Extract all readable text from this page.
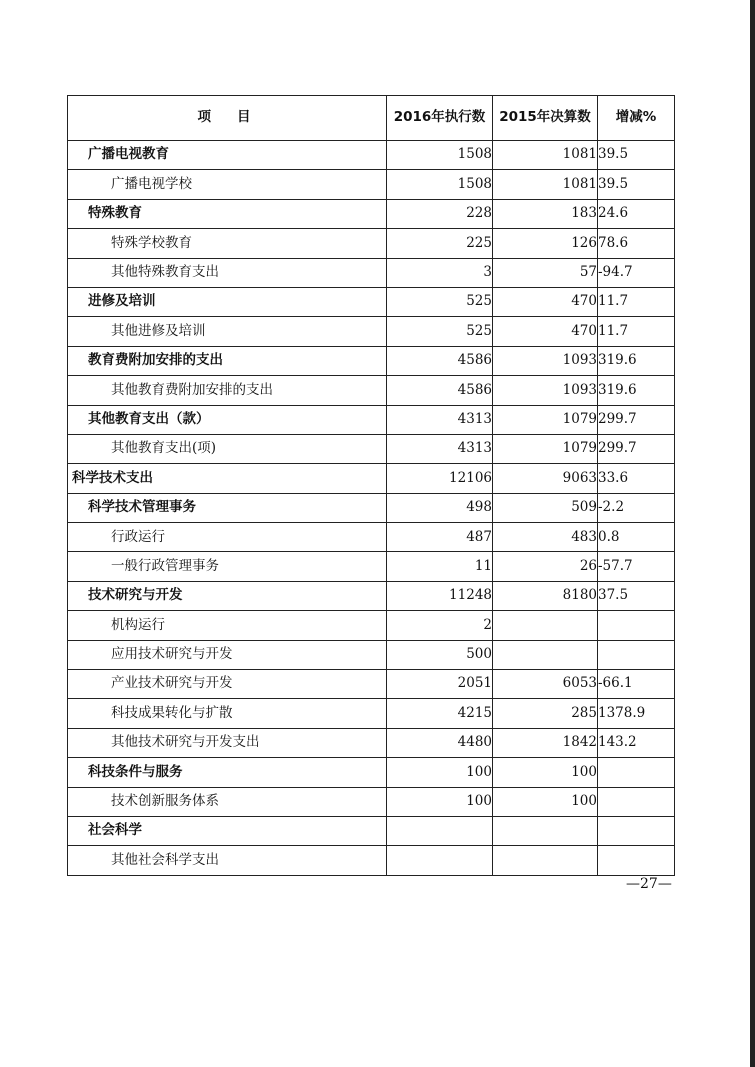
项目	2016年执行数	2015年决算数	增减%
广播电视教育	1508	1081	39.5
广播电视学校	1508	1081	39.5
特殊教育	228	183	24.6
特殊学校教育	225	126	78.6
其他特殊教育支出	3	57	-94.7
进修及培训	525	470	11.7
其他进修及培训	525	470	11.7
教育费附加安排的支出	4586	1093	319.6
其他教育费附加安排的支出	4586	1093	319.6
其他教育支出（款）	4313	1079	299.7
其他教育支出(项)	4313	1079	299.7
科学技术支出	12106	9063	33.6
科学技术管理事务	498	509	-2.2
行政运行	487	483	0.8
一般行政管理事务	11	26	-57.7
技术研究与开发	11248	8180	37.5
机构运行	2		
应用技术研究与开发	500		
产业技术研究与开发	2051	6053	-66.1
科技成果转化与扩散	4215	285	1378.9
其他技术研究与开发支出	4480	1842	143.2
科技条件与服务	100	100	
技术创新服务体系	100	100	
社会科学			
其他社会科学支出			
—27—
